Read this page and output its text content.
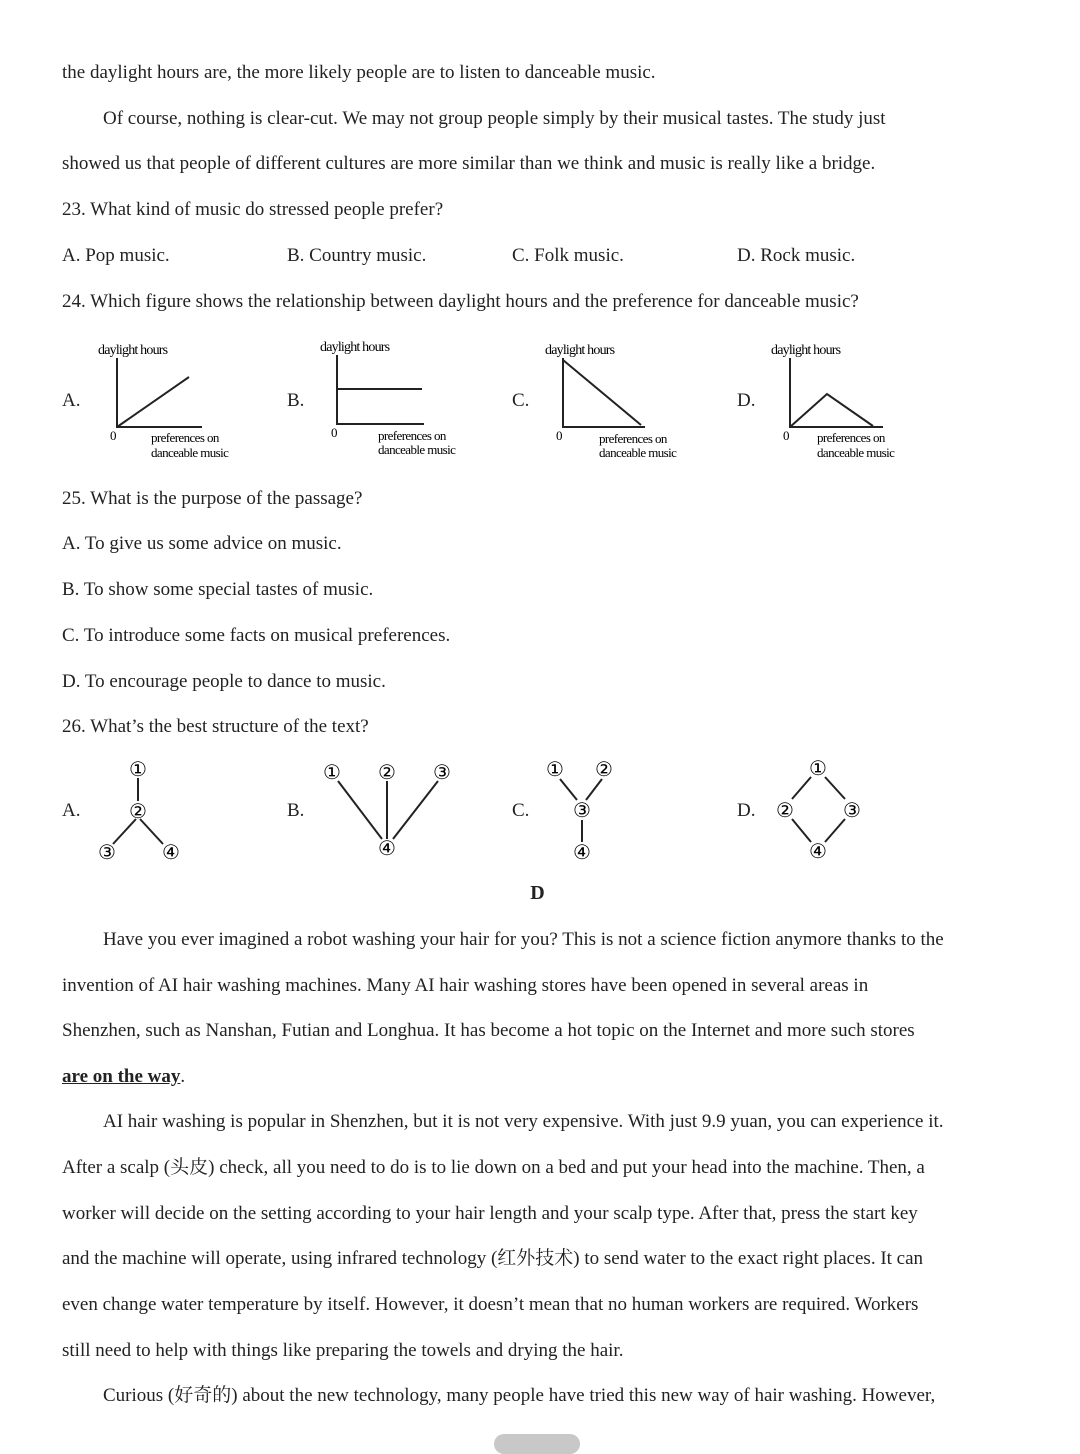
the daylight hours are, the more likely people are to listen to danceable music.
Of course, nothing is clear-cut. We may not group people simply by their musical tastes. The study just
showed us that people of different cultures are more similar than we think and music is really like a bridge.
23. What kind of music do stressed people prefer?
A. Pop music.	B. Country music.	C. Folk music.	D. Rock music.
24. Which figure shows the relationship between daylight hours and the preference for danceable music?
A.	B.	C.	D.
daylight hours
0	preferences on
danceable music
daylight hours
0	preferences on
danceable music
daylight hours
0	preferences on
danceable music
daylight hours
0 preferences on
danceable music
25. What is the purpose of the passage?
A. To give us some advice on music.
B. To show some special tastes of music.
C. To introduce some facts on musical preferences.
D. To encourage people to dance to music.
26. What’s the best structure of the text?
A.	B.	C.	D.
①
②
③ ④
① ② ③
④
① ②
③
④
①
② ③
④
D
Have you ever imagined a robot washing your hair for you? This is not a science fiction anymore thanks to the
invention of AI hair washing machines. Many AI hair washing stores have been opened in several areas in
Shenzhen, such as Nanshan, Futian and Longhua. It has become a hot topic on the Internet and more such stores
are on the way.
AI hair washing is popular in Shenzhen, but it is not very expensive. With just 9.9 yuan, you can experience it.
After a scalp (头皮) check, all you need to do is to lie down on a bed and put your head into the machine. Then, a
worker will decide on the setting according to your hair length and your scalp type. After that, press the start key
and the machine will operate, using infrared technology (红外技术) to send water to the exact right places. It can
even change water temperature by itself. However, it doesn’t mean that no human workers are required. Workers
still need to help with things like preparing the towels and drying the hair.
Curious (好奇的) about the new technology, many people have tried this new way of hair washing. However,
